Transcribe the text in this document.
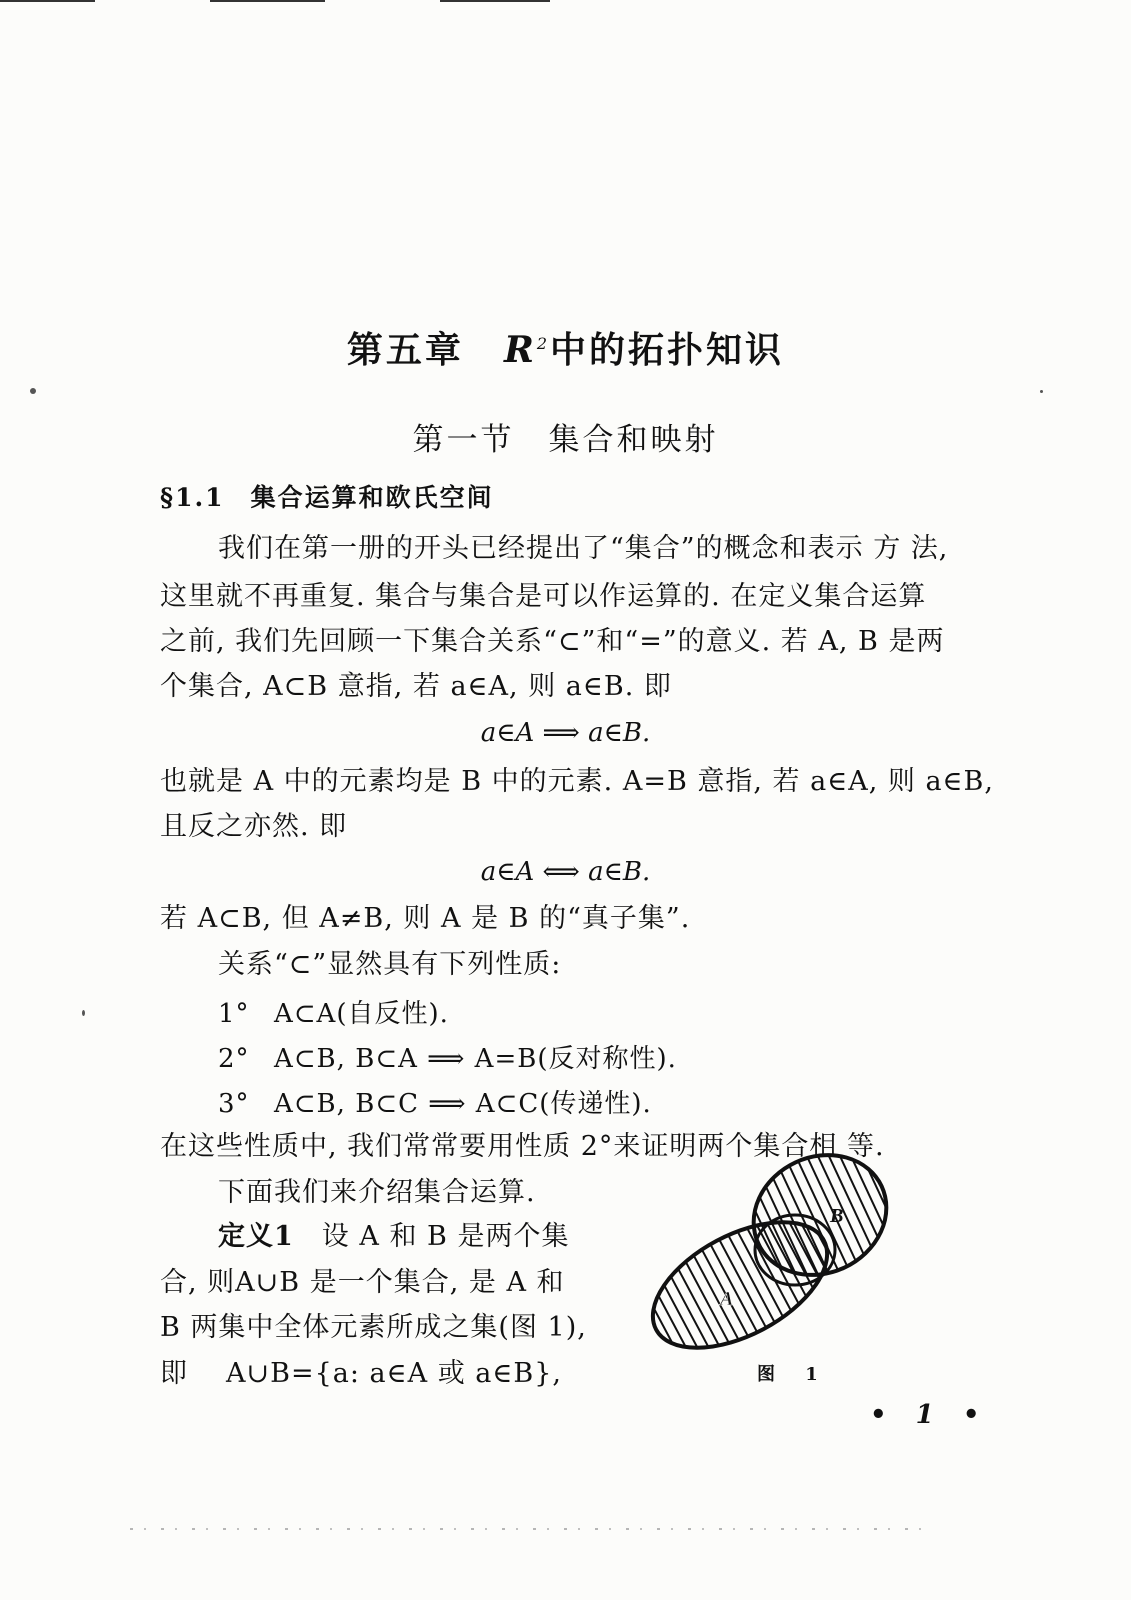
第五章 $R^2$中的拓扑知识
第一节 集合和映射
§1.1 集合运算和欧氏空间
我们在第一册的开头已经提出了“集合”的概念和表示 方 法,
这里就不再重复. 集合与集合是可以作运算的. 在定义集合运算
之前, 我们先回顾一下集合关系“⊂”和“=”的意义. 若 A, B 是两
个集合, A⊂B 意指, 若 a∈A, 则 a∈B. 即
a∈A ⟹ a∈B.
也就是 A 中的元素均是 B 中的元素. A=B 意指, 若 a∈A, 则 a∈B,
且反之亦然. 即
a∈A ⟺ a∈B.
若 A⊂B, 但 A≠B, 则 A 是 B 的“真子集”.
关系“⊂”显然具有下列性质:
1° A⊂A(自反性).
2° A⊂B, B⊂A ⟹ A=B(反对称性).
3° A⊂B, B⊂C ⟹ A⊂C(传递性).
在这些性质中, 我们常常要用性质 2°来证明两个集合相 等.
下面我们来介绍集合运算.
定义1 设 A 和 B 是两个集
合, 则A∪B 是一个集合, 是 A 和
B 两集中全体元素所成之集(图 1),
即 A∪B={a: a∈A 或 a∈B},
A
B
图 1
• 1 •
